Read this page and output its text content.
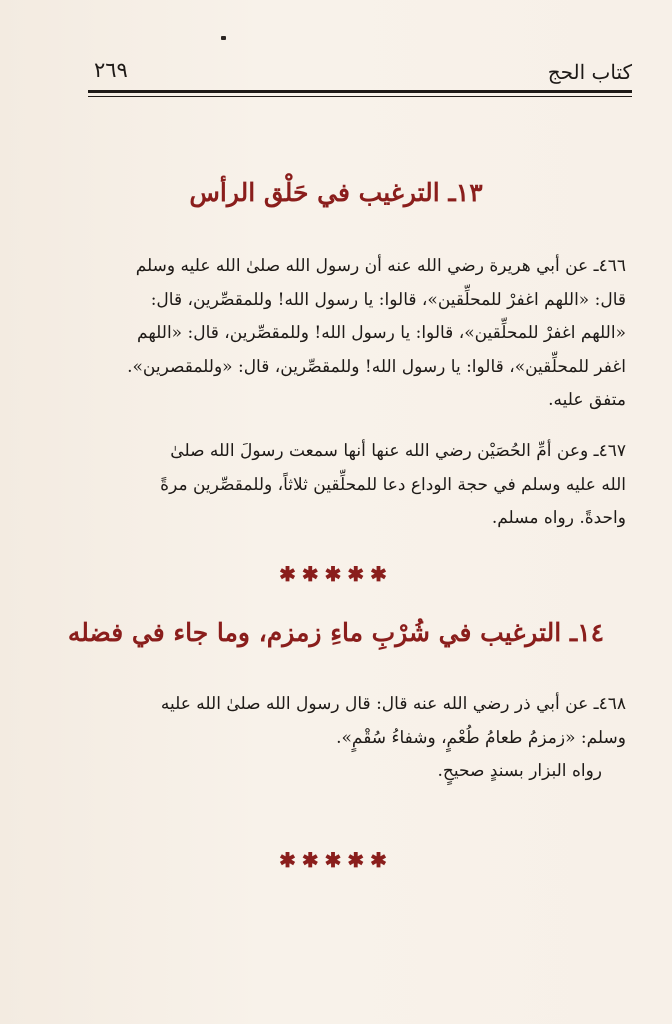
كتاب الحج
٢٦٩
١٣ـ الترغيب في حَلْق الرأس
٤٦٦ـ عن أبي هريرة رضي الله عنه أن رسول الله صلىٰ الله عليه وسلم
قال: «اللهم اغفرْ للمحلِّقين»، قالوا: يا رسول الله! وللمقصِّرين، قال:
«اللهم اغفرْ للمحلِّقين»، قالوا: يا رسول الله! وللمقصِّرين، قال: «اللهم
اغفر للمحلِّقين»، قالوا: يا رسول الله! وللمقصِّرين، قال: «وللمقصرين».
متفق عليه.
٤٦٧ـ وعن أمِّ الحُصَيْن رضي الله عنها أنها سمعت رسولَ الله صلىٰ
الله عليه وسلم في حجة الوداع دعا للمحلِّقين ثلاثاً، وللمقصِّرين مرةً
واحدةً. رواه مسلم.
✱✱✱✱✱
١٤ـ الترغيب في شُرْبِ ماءِ زمزم، وما جاء في فضله
٤٦٨ـ عن أبي ذر رضي الله عنه قال: قال رسول الله صلىٰ الله عليه
وسلم: «زمزمُ طعامُ طُعْمٍ، وشفاءُ سُقْمٍ».
رواه البزار بسندٍ صحيحٍ.
✱✱✱✱✱
